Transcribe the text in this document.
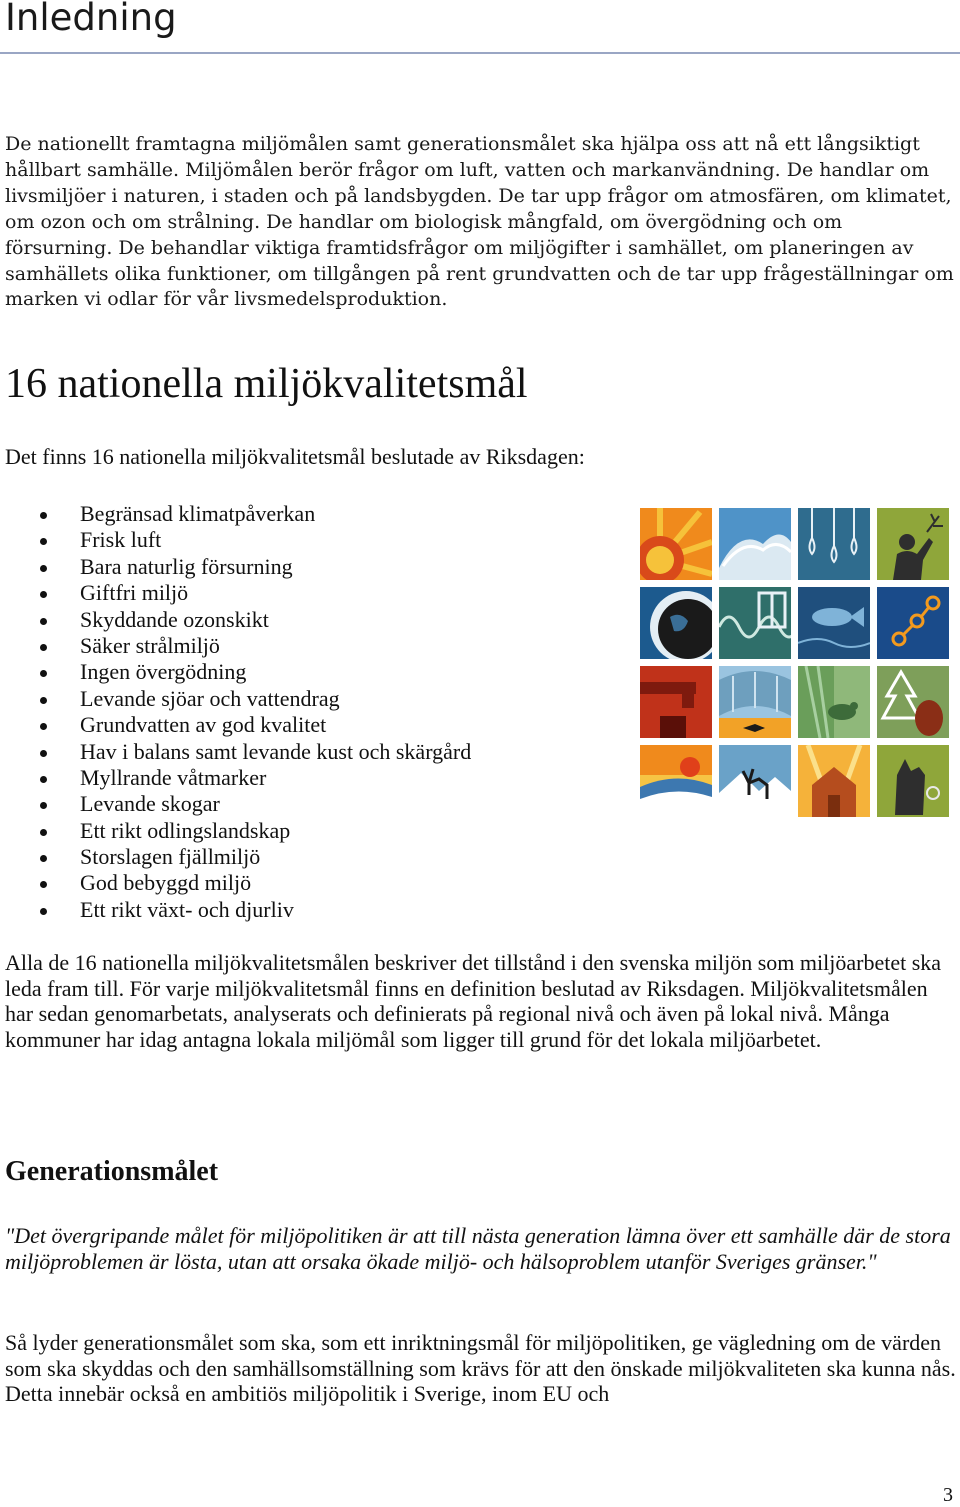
Inledning

De nationellt framtagna miljömålen samt generationsmålet ska hjälpa oss att nå ett långsiktigt hållbart samhälle. Miljömålen berör frågor om luft, vatten och markanvändning. De handlar om livsmiljöer i naturen, i staden och på landsbygden. De tar upp frågor om atmosfären, om klimatet, om ozon och om strålning. De handlar om biologisk mångfald, om övergödning och om försurning. De behandlar viktiga framtidsfrågor om miljögifter i samhället, om planeringen av samhällets olika funktioner, om tillgången på rent grundvatten och de tar upp frågeställningar om marken vi odlar för vår livsmedelsproduktion.

16 nationella miljökvalitetsmål

Det finns 16 nationella miljökvalitetsmål beslutade av Riksdagen:

Begränsad klimatpåverkan
Frisk luft
Bara naturlig försurning
Giftfri miljö
Skyddande ozonskikt
Säker strålmiljö
Ingen övergödning
Levande sjöar och vattendrag
Grundvatten av god kvalitet
Hav i balans samt levande kust och skärgård
Myllrande våtmarker
Levande skogar
Ett rikt odlingslandskap
Storslagen fjällmiljö
God bebyggd miljö
Ett rikt växt- och djurliv

Alla de 16 nationella miljökvalitetsmålen beskriver det tillstånd i den svenska miljön som miljöarbetet ska leda fram till. För varje miljökvalitetsmål finns en definition beslutad av Riksdagen. Miljökvalitetsmålen har sedan genomarbetats, analyserats och definierats på regional nivå och även på lokal nivå. Många kommuner har idag antagna lokala miljömål som ligger till grund för det lokala miljöarbetet.

Generationsmålet

"Det övergripande målet för miljöpolitiken är att till nästa generation lämna över ett samhälle där de stora miljöproblemen är lösta, utan att orsaka ökade miljö- och hälsoproblem utanför Sveriges gränser."

Så lyder generationsmålet som ska, som ett inriktningsmål för miljöpolitiken, ge vägledning om de värden som ska skyddas och den samhällsomställning som krävs för att den önskade miljökvaliteten ska kunna nås. Detta innebär också en ambitiös miljöpolitik i Sverige, inom EU och

3
